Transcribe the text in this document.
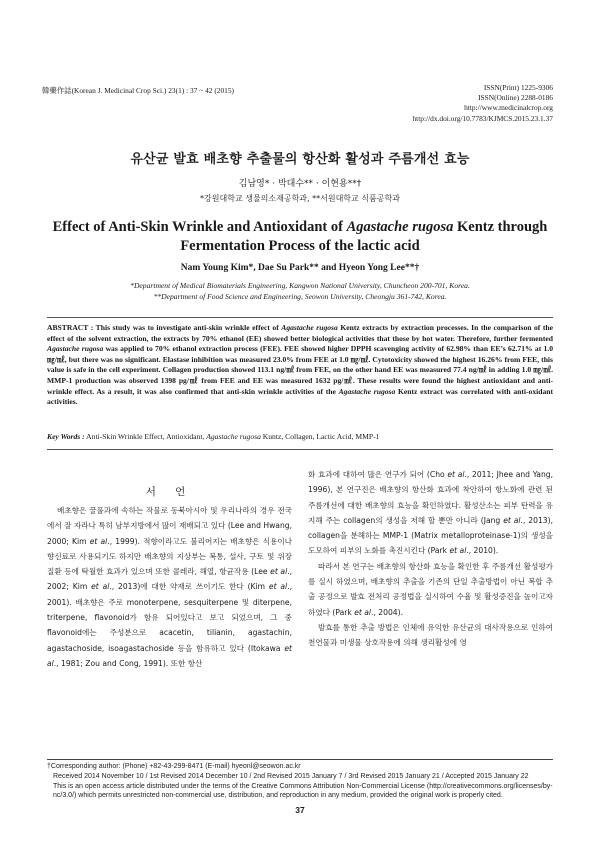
韓藥作誌(Korean J. Medicinal Crop Sci.) 23(1) : 37 ~ 42 (2015)	ISSN(Print) 1225-9306
ISSN(Online) 2288-0186
http://www.medicinalcrop.org
http://dx.doi.org/10.7783/KJMCS.2015.23.1.37
유산균 발효 배초향 추출물의 항산화 활성과 주름개선 효능
김남영* · 박대수** · 이현용**†
*강원대학교 생물의소재공학과, **서원대학교 식품공학과
Effect of Anti-Skin Wrinkle and Antioxidant of Agastache rugosa Kentz through
Fermentation Process of the lactic acid
Nam Young Kim*, Dae Su Park** and Hyeon Yong Lee**†
*Department of Medical Biomaterials Engineering, Kangwon National University, Chuncheon 200-701, Korea.
**Department of Food Science and Engineering, Seowon University, Cheongju 361-742, Korea.
ABSTRACT : This study was to investigate anti-skin wrinkle effect of Agastache rugosa Kentz extracts by extraction processes. In the comparison of the effect of the solvent extraction, the extracts by 70% ethanol (EE) showed better biological activities that those by hot water. Therefore, further fermented Agastache rugosa was applied to 70% ethanol extraction process (FEE). FEE showed higher DPPH scavenging activity of 62.98% than EE’s 62.71% at 1.0 ㎎/㎖, but there was no significant. Elastase inhibition was measured 23.0% from FEE at 1.0 ㎎/㎖. Cytotoxicity showed the highest 16.26% from FEE, this value is safe in the cell experiment. Collagen production showed 113.1 ng/㎖ from FEE, on the other hand EE was measured 77.4 ng/㎖ in adding 1.0 ㎎/㎖. MMP-1 production was observed 1398 pg/㎖ from FEE and EE was measured 1632 pg/㎖. These results were found the highest antioxidant and anti-wrinkle effect. As a result, it was also confirmed that anti-skin wrinkle activities of the Agastache rugosa Kentz extract was correlated with anti-oxidant activities.
Key Words : Anti-Skin Wrinkle Effect, Antioxidant, Agastache rugosa Kuntz, Collagen, Lactic Acid, MMP-1
서 언

배초향은 꿀풀과에 속하는 작물로 동북아시아 및 우리나라의 경우 전국에서 잘 자라나 특히 남부지방에서 많이 재배되고 있다 (Lee and Hwang, 2000; Kim et al., 1999). 적향이라고도 불리어지는 배초향은 식용이나 향신료로 사용되기도 하지만 배초향의 지상부는 복통, 설사, 구토 및 위장질환 등에 탁월한 효과가 있으며 또한 콜레라, 해열, 항균작용 (Lee et al., 2002; Kim et al., 2013)에 대한 약재로 쓰이기도 한다 (Kim et al., 2001). 배초향은 주로 monoterpene, sesquiterpene 및 diterpene, triterpene, flavonoid가 함유 되어있다고 보고 되었으며, 그 중 flavonoid에는 주성분으로 acacetin, tilianin, agastachin, agastachoside, isoagastachoside 등을 함유하고 있다 (Itokawa et al., 1981; Zou and Cong, 1991). 또한 항산

화 효과에 대하여 많은 연구가 되어 (Cho et al., 2011; Jhee and Yang, 1996), 본 연구진은 배초향의 항산화 효과에 착안하여 항노화에 관련 된 주름개선에 대한 배초향의 효능을 확인하였다. 활성산소는 피부 탄력을 유지해 주는 collagen의 생성을 저해 할 뿐만 아니라 (Jang et al., 2013), collagen을 분해하는 MMP-1 (Matrix metalloproteinase-1)의 생성을 도모하여 피부의 노화를 촉진시킨다 (Park et al., 2010).

따라서 본 연구는 배초향의 항산화 효능을 확인한 후 주름개선 활성평가를 실시 하였으며, 배초향의 추출을 기존의 단일 추출방법이 아닌 복합 추출 공정으로 발효 전처리 공정법을 실시하여 수율 및 활성증진을 높이고자 하였다 (Park et al., 2004).

발효를 통한 추출 방법은 인체에 유익한 유산균의 대사작용으로 인하여 천연물과 미생물 상호작용에 의해 생리활성에 영

†Corresponding author: (Phone) +82-43-299-8471 (E-mail) hyeonl@seowon.ac.kr
Received 2014 November 10 / 1st Revised 2014 December 10 / 2nd Revised 2015 January 7 / 3rd Revised 2015 January 21 / Accepted 2015 January 22
This is an open access article distributed under the terms of the Creative Commons Attribution Non-Commercial License (http://creativecommons.org/licenses/by-nc/3.0/) which permits unrestricted non-commercial use, distribution, and reproduction in any medium, provided the original work is properly cited.
37
